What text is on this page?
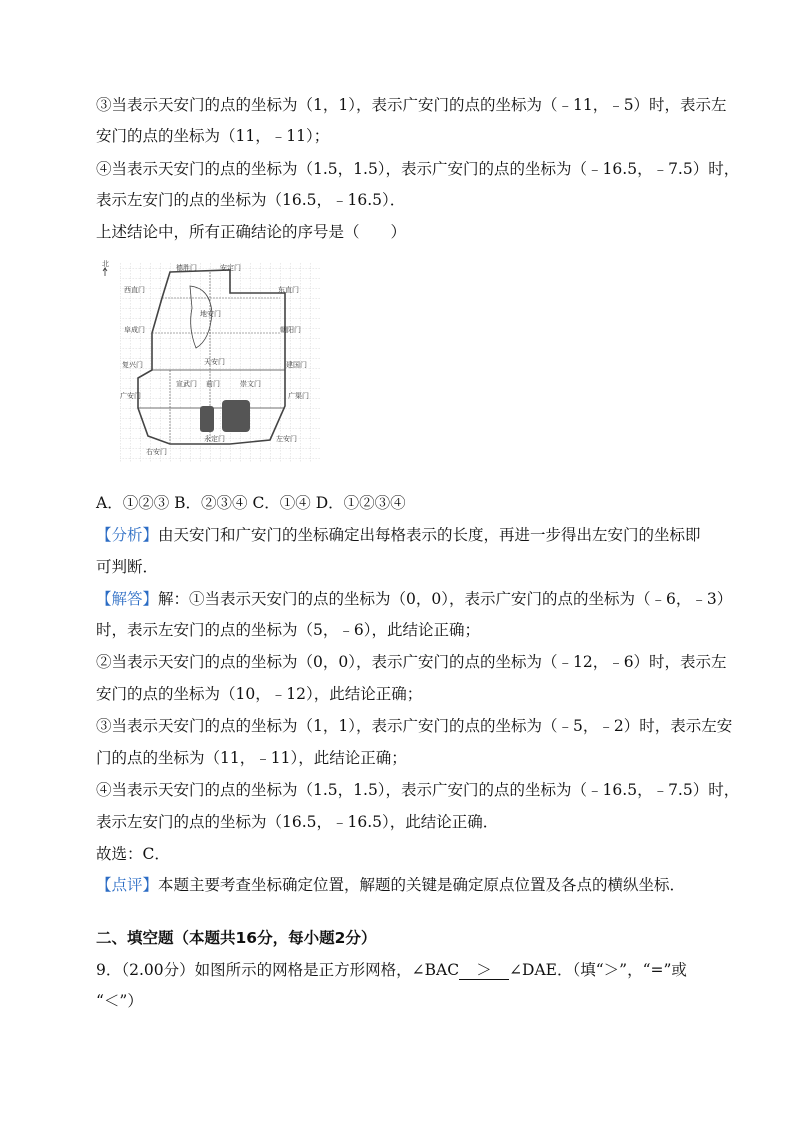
③当表示天安门的点的坐标为（1，1），表示广安门的点的坐标为（﹣11，﹣5）时，表示左
安门的点的坐标为（11，﹣11）；
④当表示天安门的点的坐标为（1.5，1.5），表示广安门的点的坐标为（﹣16.5，﹣7.5）时，
表示左安门的点的坐标为（16.5，﹣16.5）．
上述结论中，所有正确结论的序号是（　　）
北	德胜门	安定门
西直门	东直门
地安门
阜成门	朝阳门
天安门
复兴门	建国门
宣武门 前门	崇文门
广安门	广渠门
永定门	左安门
右安门
A．①②③ B．②③④ C．①④ D．①②③④
【分析】由天安门和广安门的坐标确定出每格表示的长度，再进一步得出左安门的坐标即
可判断．
【解答】解：①当表示天安门的点的坐标为（0，0），表示广安门的点的坐标为（﹣6，﹣3）
时，表示左安门的点的坐标为（5，﹣6），此结论正确；
②当表示天安门的点的坐标为（0，0），表示广安门的点的坐标为（﹣12，﹣6）时，表示左
安门的点的坐标为（10，﹣12），此结论正确；
③当表示天安门的点的坐标为（1，1），表示广安门的点的坐标为（﹣5，﹣2）时，表示左安
门的点的坐标为（11，﹣11），此结论正确；
④当表示天安门的点的坐标为（1.5，1.5），表示广安门的点的坐标为（﹣16.5，﹣7.5）时，
表示左安门的点的坐标为（16.5，﹣16.5），此结论正确．
故选：C．
【点评】本题主要考查坐标确定位置，解题的关键是确定原点位置及各点的横纵坐标．
二、填空题（本题共16分，每小题2分）
9．（2.00分）如图所示的网格是正方形网格，∠BAC ＞ ∠DAE．（填“＞”，“=”或
“＜”）
